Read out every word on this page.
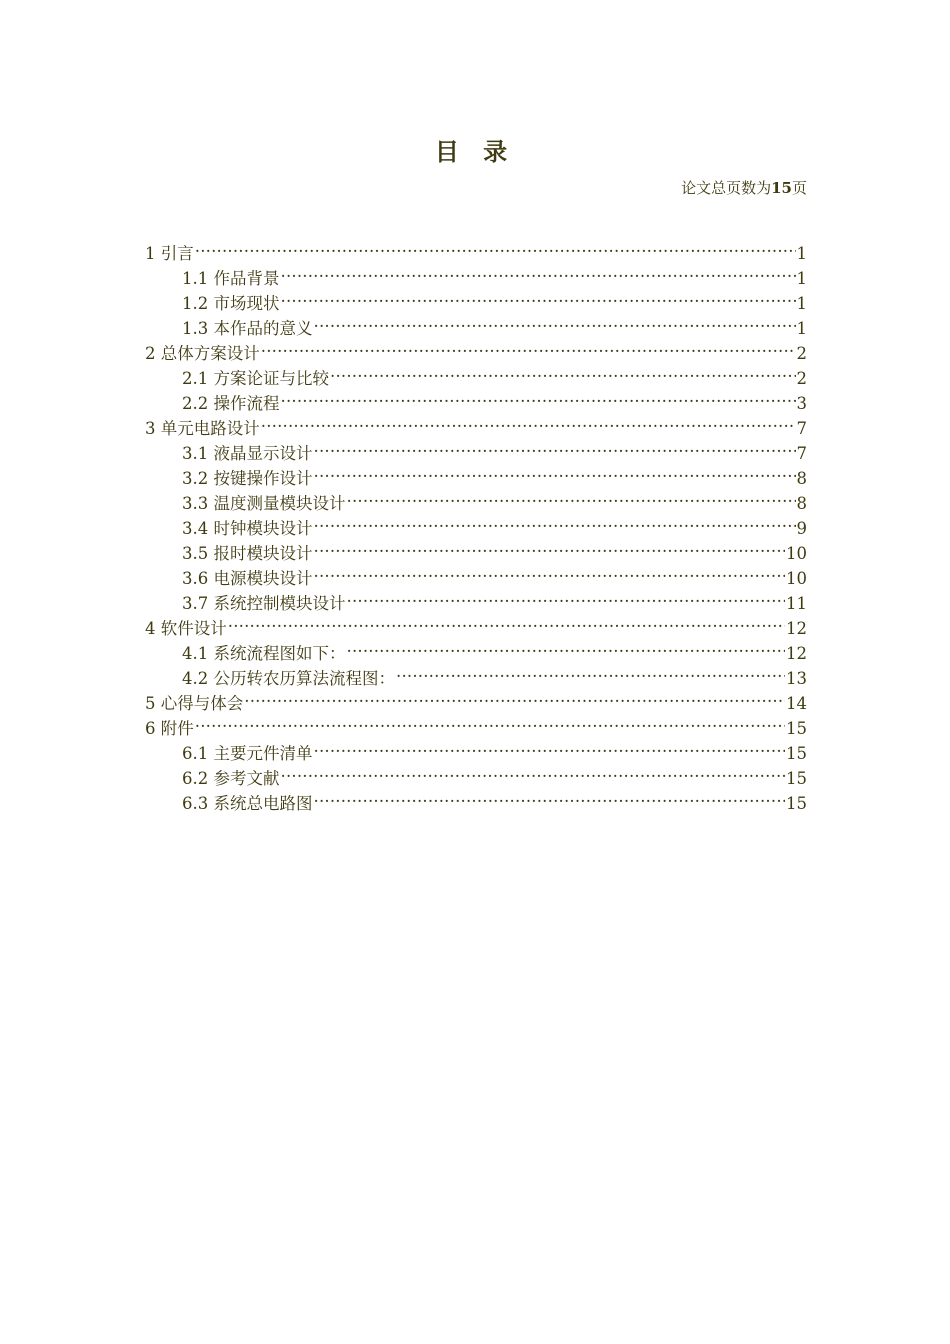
目 录
论文总页数为15页
1 引言 .....	1
1.1 作品背景 .....	1
1.2 市场现状 .....	1
1.3 本作品的意义 .....	1
2 总体方案设计 .....	2
2.1 方案论证与比较 .....	2
2.2 操作流程 .....	3
3 单元电路设计 .....	7
3.1 液晶显示设计 .....	7
3.2 按键操作设计 .....	8
3.3 温度测量模块设计 .....	8
3.4 时钟模块设计 .....	9
3.5 报时模块设计 .....	10
3.6 电源模块设计 .....	10
3.7 系统控制模块设计 .....	11
4 软件设计 .....	12
4.1 系统流程图如下： .....	12
4.2 公历转农历算法流程图： .....	13
5 心得与体会 .....	14
6 附件 .....	15
6.1 主要元件清单 .....	15
6.2 参考文献 .....	15
6.3 系统总电路图 .....	15
